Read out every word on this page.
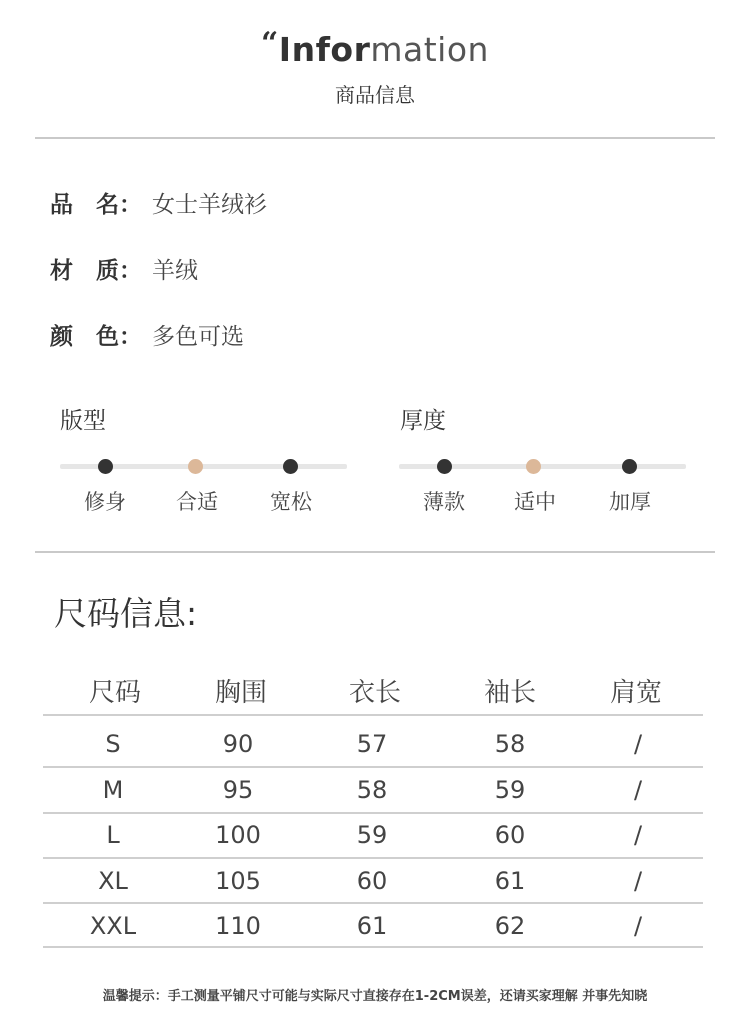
“Information
商品信息
品　名： 女士羊绒衫
材　质： 羊绒
颜　色： 多色可选
版型
修身	合适	宽松
厚度
薄款	适中	加厚
尺码信息:
尺码	胸围	衣长	袖长	肩宽
S	90	57	58	/
M	95	58	59	/
L	100	59	60	/
XL	105	60	61	/
XXL	110	61	62	/
温馨提示：手工测量平铺尺寸可能与实际尺寸直接存在1-2CM误差，还请买家理解 并事先知晓
